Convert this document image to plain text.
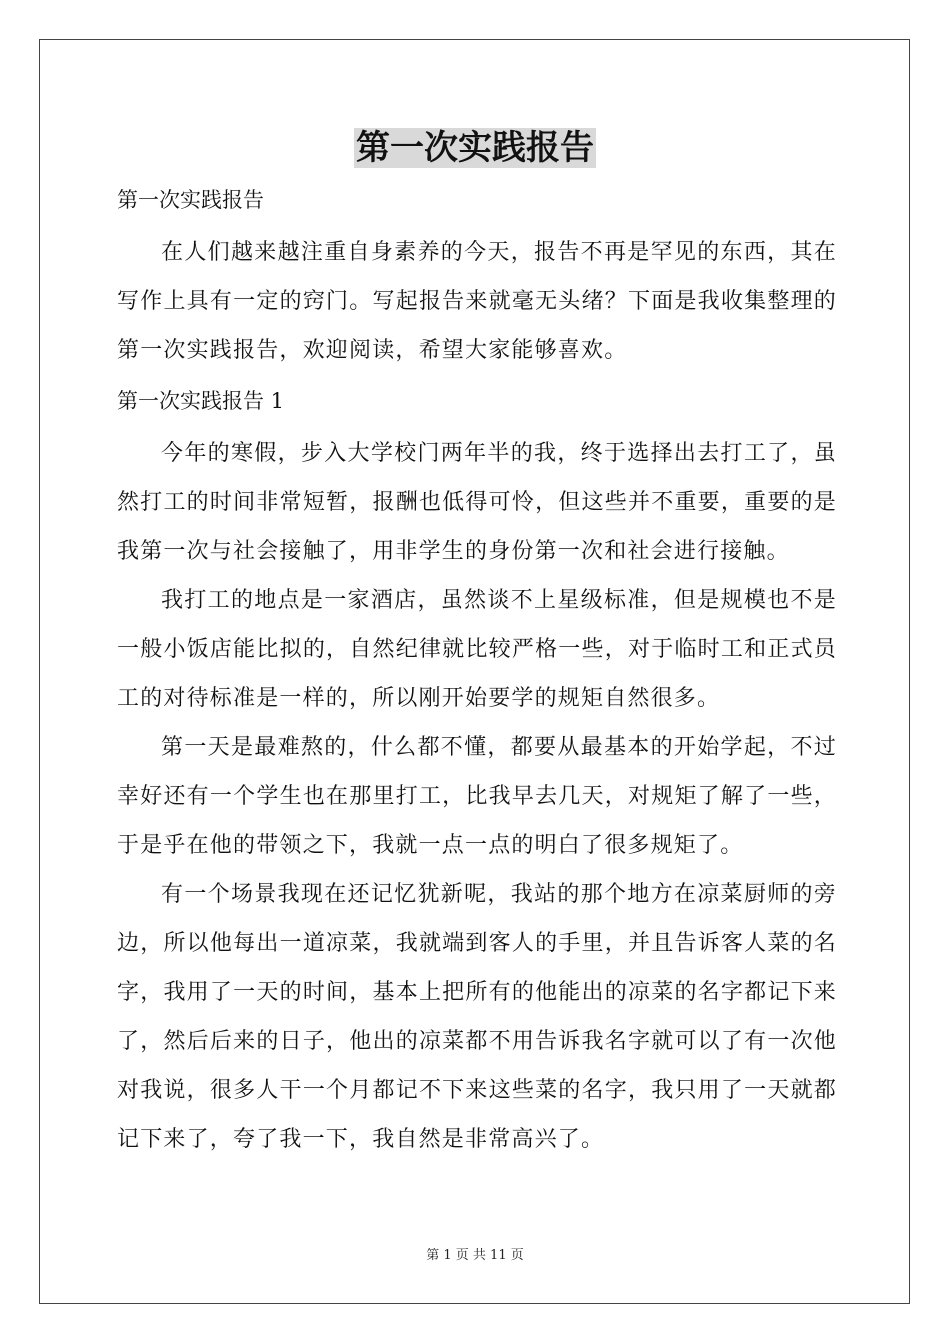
第一次实践报告

第一次实践报告

在人们越来越注重自身素养的今天，报告不再是罕见的东西，其在写作上具有一定的窍门。写起报告来就毫无头绪？下面是我收集整理的第一次实践报告，欢迎阅读，希望大家能够喜欢。

第一次实践报告 1

今年的寒假，步入大学校门两年半的我，终于选择出去打工了，虽然打工的时间非常短暂，报酬也低得可怜，但这些并不重要，重要的是我第一次与社会接触了，用非学生的身份第一次和社会进行接触。

我打工的地点是一家酒店，虽然谈不上星级标准，但是规模也不是一般小饭店能比拟的，自然纪律就比较严格一些，对于临时工和正式员工的对待标准是一样的，所以刚开始要学的规矩自然很多。

第一天是最难熬的，什么都不懂，都要从最基本的开始学起，不过幸好还有一个学生也在那里打工，比我早去几天，对规矩了解了一些，于是乎在他的带领之下，我就一点一点的明白了很多规矩了。

有一个场景我现在还记忆犹新呢，我站的那个地方在凉菜厨师的旁边，所以他每出一道凉菜，我就端到客人的手里，并且告诉客人菜的名字，我用了一天的时间，基本上把所有的他能出的凉菜的名字都记下来了，然后后来的日子，他出的凉菜都不用告诉我名字就可以了有一次他对我说，很多人干一个月都记不下来这些菜的名字，我只用了一天就都记下来了，夸了我一下，我自然是非常高兴了。

第 1 页 共 11 页
